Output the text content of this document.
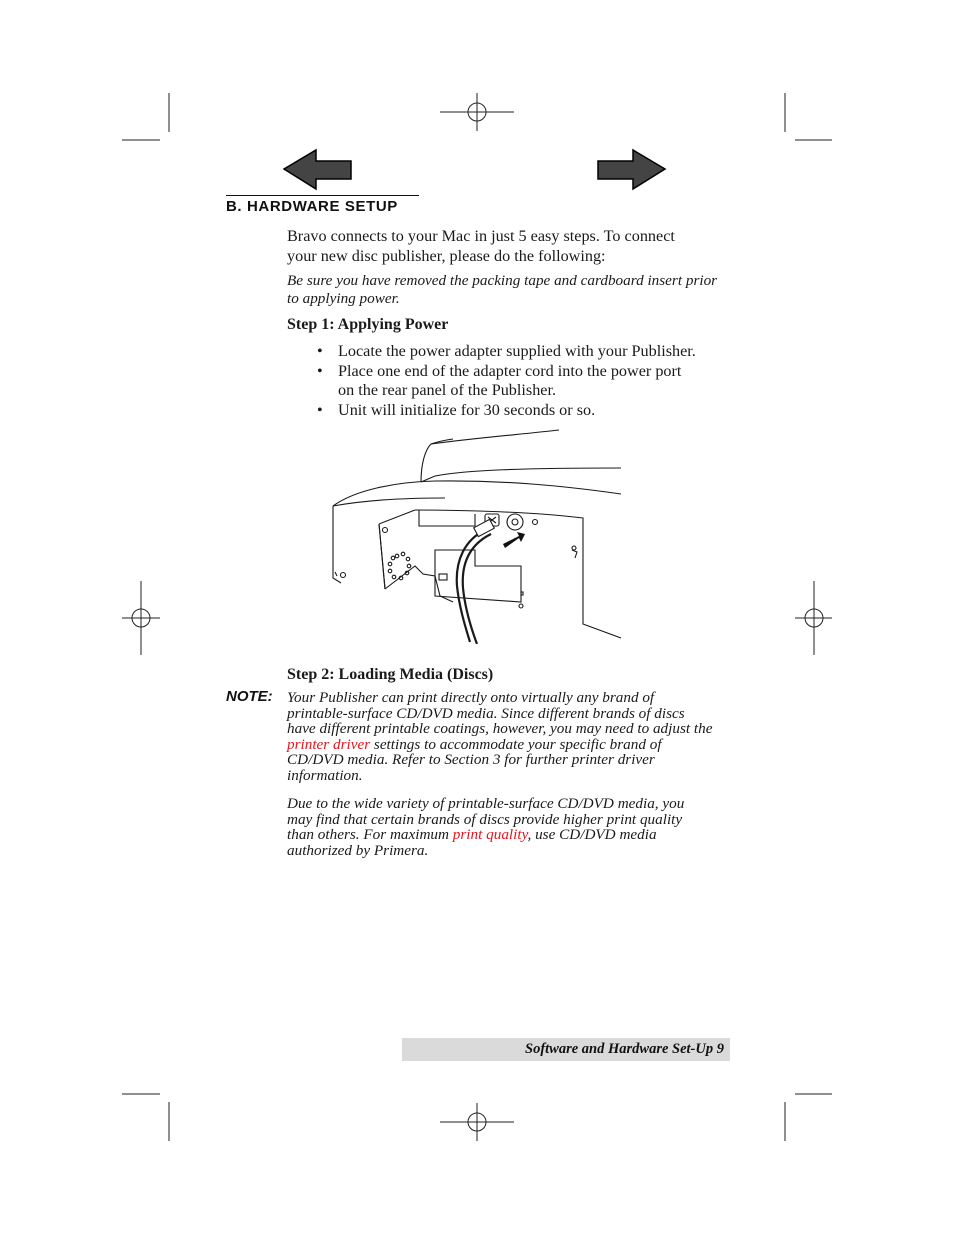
B. HARDWARE SETUP
Bravo connects to your Mac in just 5 easy steps. To connect
your new disc publisher, please do the following:
Be sure you have removed the packing tape and cardboard insert prior
to applying power.
Step 1: Applying Power
• Locate the power adapter supplied with your Publisher.
• Place one end of the adapter cord into the power port
on the rear panel of the Publisher.
• Unit will initialize for 30 seconds or so.
Step 2: Loading Media (Discs)
NOTE: Your Publisher can print directly onto virtually any brand of
printable-surface CD/DVD media. Since different brands of discs
have different printable coatings, however, you may need to adjust the
printer driver settings to accommodate your specific brand of
CD/DVD media. Refer to Section 3 for further printer driver
information.
Due to the wide variety of printable-surface CD/DVD media, you
may find that certain brands of discs provide higher print quality
than others. For maximum print quality, use CD/DVD media
authorized by Primera.
Software and Hardware Set-Up 9
